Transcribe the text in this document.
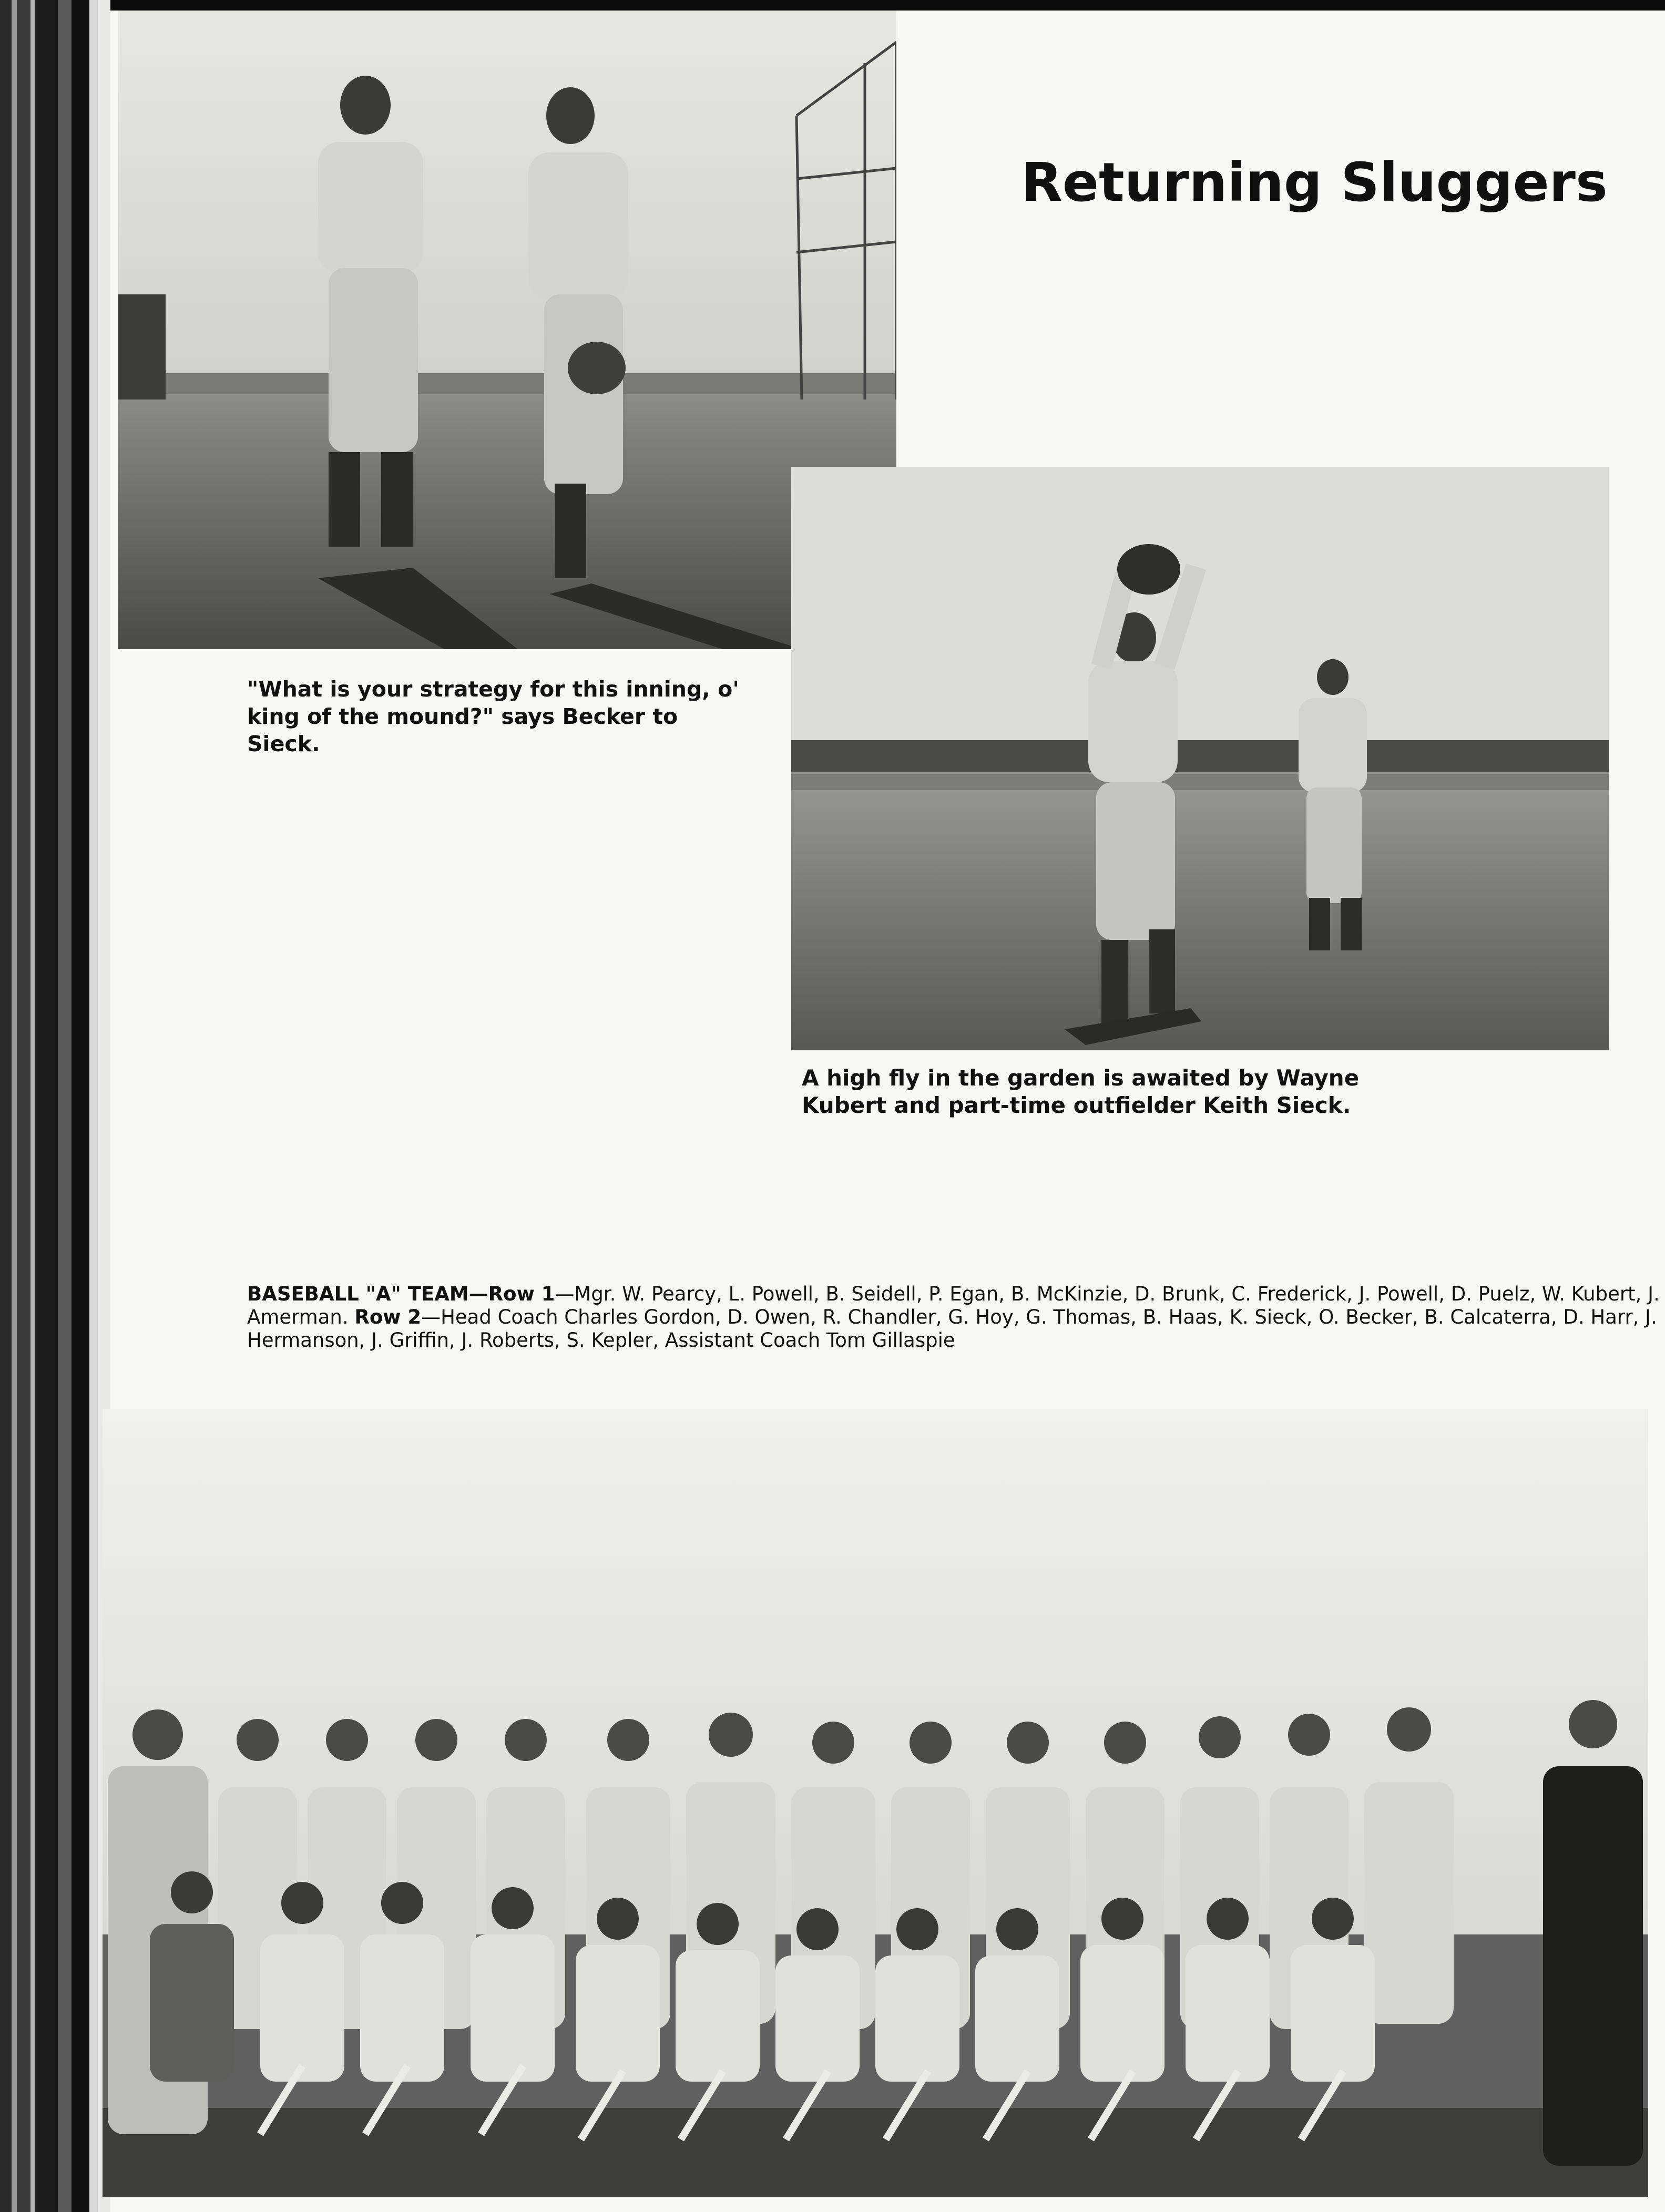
Returning Sluggers
"What is your strategy for this inning, o' king of the mound?" says Becker to Sieck.
A high fly in the garden is awaited by Wayne Kubert and part-time outfielder Keith Sieck.
BASEBALL "A" TEAM—Row 1—Mgr. W. Pearcy, L. Powell, B. Seidell, P. Egan, B. McKinzie, D. Brunk, C. Frederick, J. Powell, D. Puelz, W. Kubert, J. Amerman. Row 2—Head Coach Charles Gordon, D. Owen, R. Chandler, G. Hoy, G. Thomas, B. Haas, K. Sieck, O. Becker, B. Calcaterra, D. Harr, J. Hermanson, J. Griffin, J. Roberts, S. Kepler, Assistant Coach Tom Gillaspie
